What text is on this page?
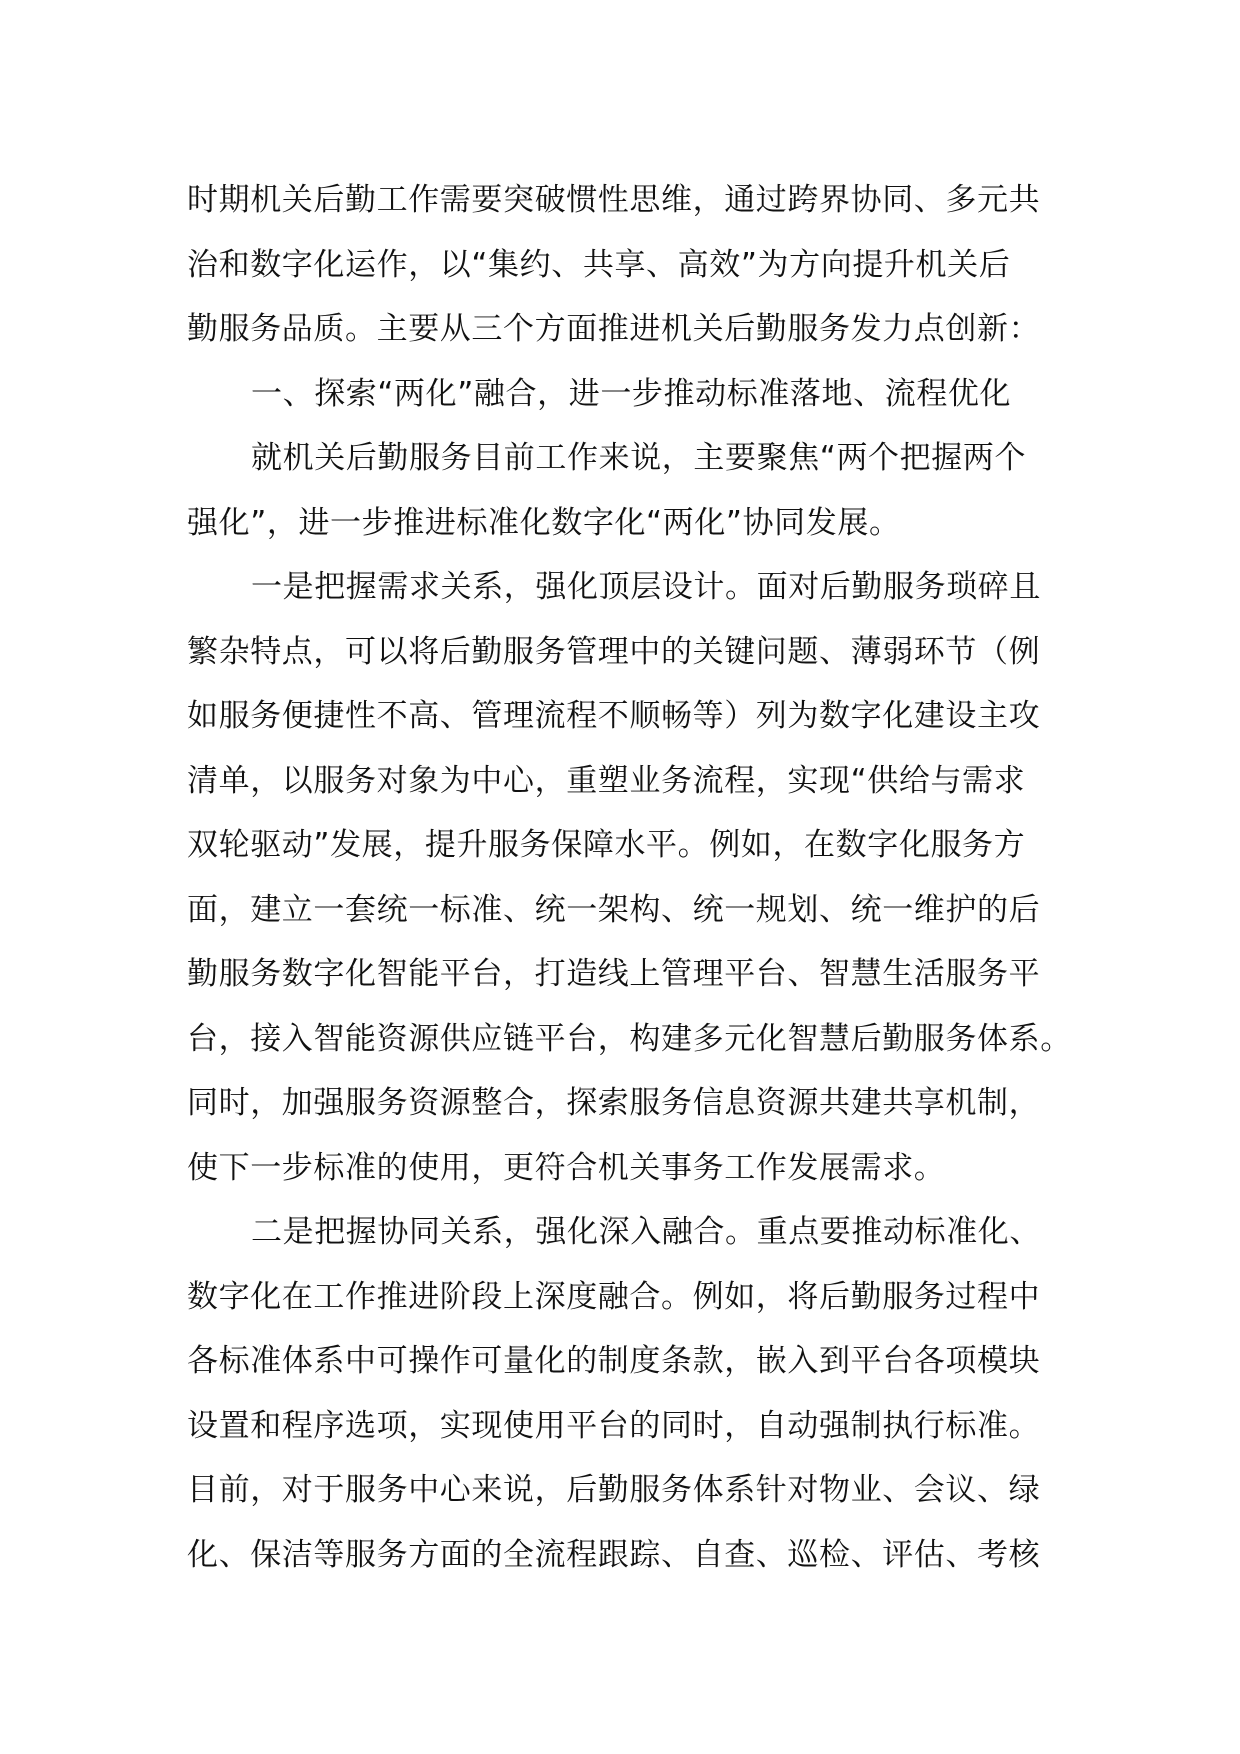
时期机关后勤工作需要突破惯性思维，通过跨界协同、多元共
治和数字化运作，以“集约、共享、高效”为方向提升机关后
勤服务品质。主要从三个方面推进机关后勤服务发力点创新：
一、探索“两化”融合，进一步推动标准落地、流程优化
就机关后勤服务目前工作来说，主要聚焦“两个把握两个
强化”，进一步推进标准化数字化“两化”协同发展。
一是把握需求关系，强化顶层设计。面对后勤服务琐碎且
繁杂特点，可以将后勤服务管理中的关键问题、薄弱环节（例
如服务便捷性不高、管理流程不顺畅等）列为数字化建设主攻
清单，以服务对象为中心，重塑业务流程，实现“供给与需求
双轮驱动”发展，提升服务保障水平。例如，在数字化服务方
面，建立一套统一标准、统一架构、统一规划、统一维护的后
勤服务数字化智能平台，打造线上管理平台、智慧生活服务平
台，接入智能资源供应链平台，构建多元化智慧后勤服务体系。
同时，加强服务资源整合，探索服务信息资源共建共享机制，
使下一步标准的使用，更符合机关事务工作发展需求。
二是把握协同关系，强化深入融合。重点要推动标准化、
数字化在工作推进阶段上深度融合。例如，将后勤服务过程中
各标准体系中可操作可量化的制度条款，嵌入到平台各项模块
设置和程序选项，实现使用平台的同时，自动强制执行标准。
目前，对于服务中心来说，后勤服务体系针对物业、会议、绿
化、保洁等服务方面的全流程跟踪、自查、巡检、评估、考核
